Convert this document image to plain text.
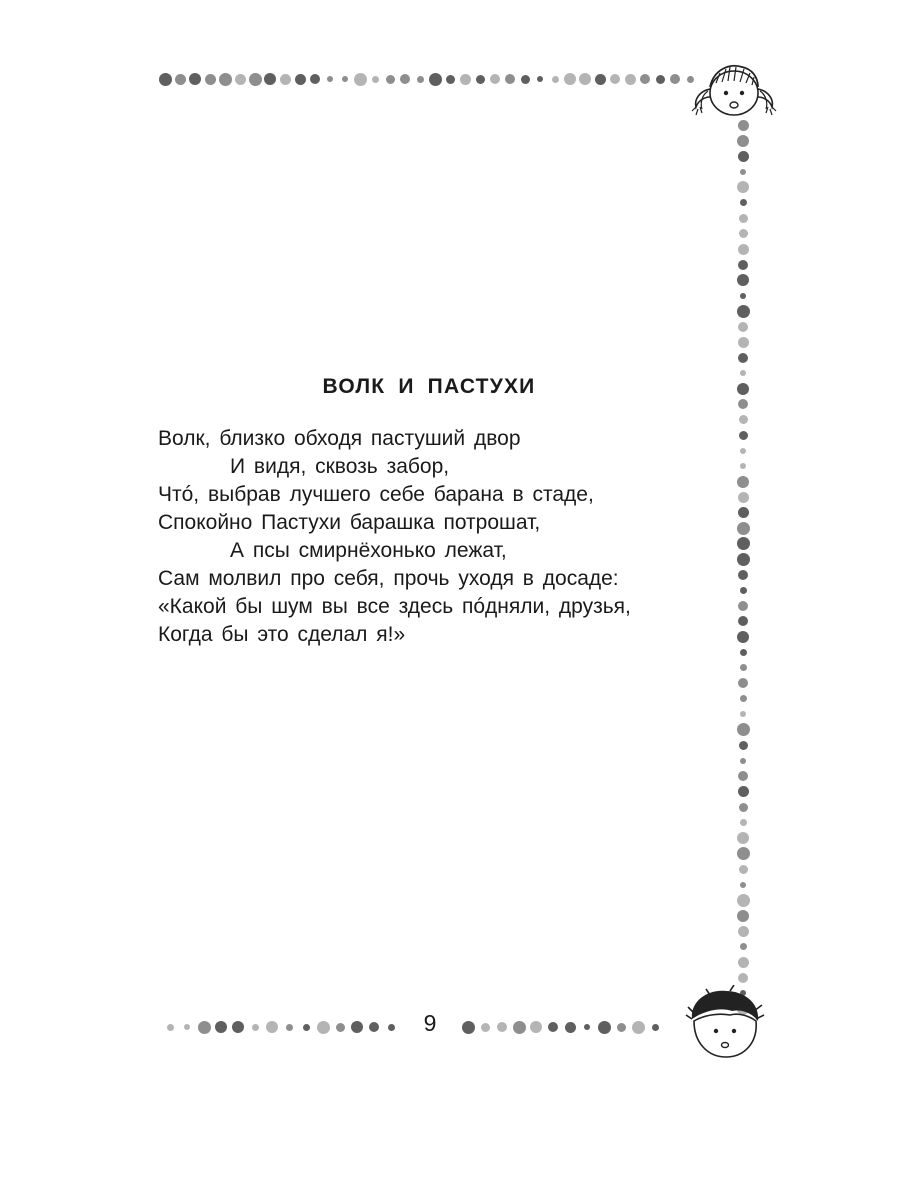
ВОЛК И ПАСТУХИ
Волк, близко обходя пастуший двор
И видя, сквозь забор,
Чтó, выбрав лучшего себе барана в стаде,
Спокойно Пастухи барашка потрошат,
А псы смирнёхонько лежат,
Сам молвил про себя, прочь уходя в досаде:
«Какой бы шум вы все здесь пóдняли, друзья,
Когда бы это сделал я!»
9
